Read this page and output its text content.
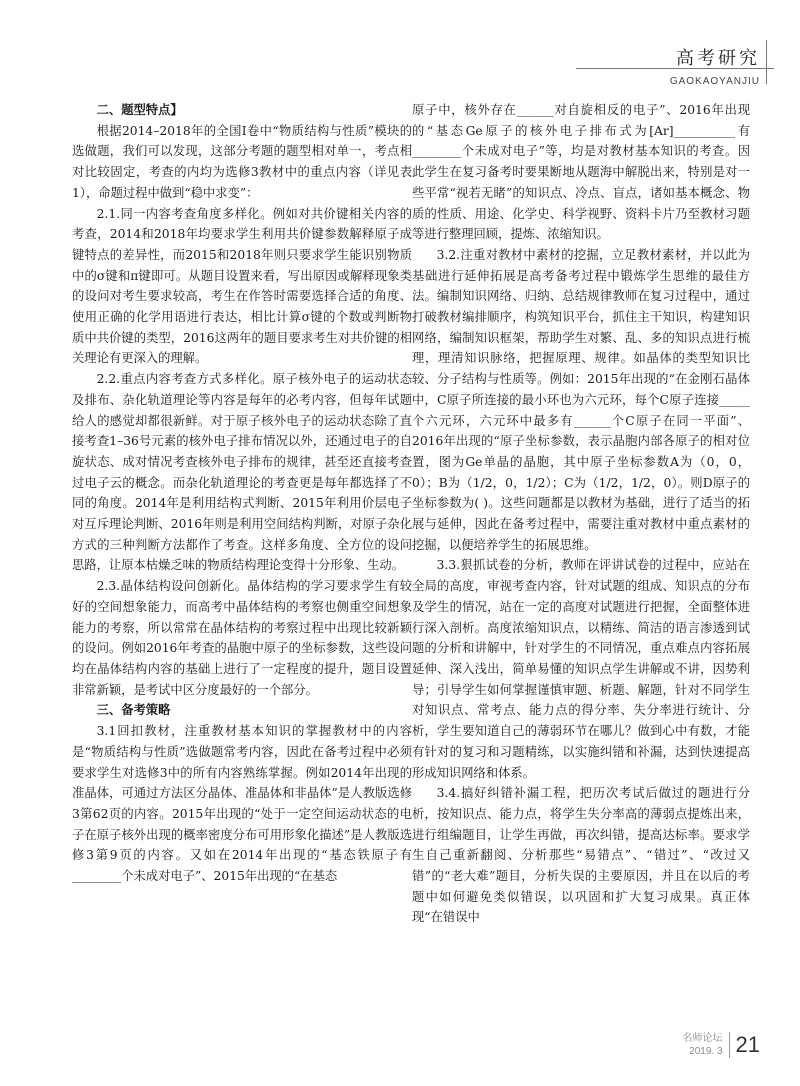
高考研究
GAOKAOYANJIU
二、题型特点】

根据2014–2018年的全国Ⅰ卷中“物质结构与性质”模块的选做题，我们可以发现，这部分考题的题型相对单一，考点相对比较固定，考查的内均为选修3教材中的重点内容（详见表1），命题过程中做到“稳中求变”：

2.1.同一内容考查角度多样化。例如对共价键相关内容的考查，2014和2018年均要求学生利用共价键参数解释原子成键特点的差异性，而2015和2018年则只要求学生能识别物质中的σ键和π键即可。从题目设置来看，写出原因或解释现象类的设问对考生要求较高，考生在作答时需要选择合适的角度、使用正确的化学用语进行表达，相比计算σ键的个数或判断物质中共价键的类型，2016这两年的题目要求考生对共价键的相关理论有更深入的理解。

2.2.重点内容考查方式多样化。原子核外电子的运动状态及排布、杂化轨道理论等内容是每年的必考内容，但每年试题给人的感觉却都很新鲜。对于原子核外电子的运动状态除了直接考查1–36号元素的核外电子排布情况以外，还通过电子的自旋状态、成对情况考查核外电子排布的规律，甚至还直接考查过电子云的概念。而杂化轨道理论的考查更是每年都选择了不同的角度。2014年是利用结构式判断、2015年利用价层电子对互斥理论判断、2016年则是利用空间结构判断，对原子杂化方式的三种判断方法都作了考查。这样多角度、全方位的设问思路，让原本枯燥乏味的物质结构理论变得十分形象、生动。

2.3.晶体结构设问创新化。晶体结构的学习要求学生有较好的空间想象能力，而高考中晶体结构的考察也侧重空间想象能力的考察，所以常常在晶体结构的考察过程中出现比较新颖的设问。例如2016年考查的晶胞中原子的坐标参数，这些设问均在晶体结构内容的基础上进行了一定程度的提升，题目设置非常新颖，是考试中区分度最好的一个部分。

三、备考策略

3.1回扣教材，注重教材基本知识的掌握教材中的内容是“物质结构与性质”选做题常考内容，因此在备考过程中必须要求学生对选修3中的所有内容熟练掌握。例如2014年出现的准晶体，可通过方法区分晶体、准晶体和非晶体”是人教版选修3第62页的内容。2015年出现的“处于一定空间运动状态的电子在原子核外出现的概率密度分布可用形象化描述”是人教版选修3第9页的内容。又如在2014年出现的“基态铁原子有________个未成对电子”、2015年出现的“在基态

原子中，核外存在______对自旋相反的电子”、2016年出现的“基态Ge原子的核外电子排布式为[Ar]__________有________个未成对电子”等，均是对教材基本知识的考查。因此学生在复习备考时要果断地从题海中解脱出来，特别是对一些平常“视若无睹”的知识点、冷点、盲点，诸如基本概念、物质的性质、用途、化学史、科学视野、资料卡片乃至教材习题等进行整理回顾，提炼、浓缩知识。

3.2.注重对教材中素材的挖掘，立足教材素材，并以此为基础进行延伸拓展是高考备考过程中锻炼学生思维的最佳方法。编制知识网络、归纳、总结规律教师在复习过程中，通过打破教材编排顺序，构筑知识平台，抓住主干知识，构建知识网络，编制知识框架，帮助学生对繁、乱、多的知识点进行梳理，理清知识脉络，把握原理、规律。如晶体的类型知识比较、分子结构与性质等。例如：2015年出现的“在金刚石晶体中，C原子所连接的最小环也为六元环，每个C原子连接_____个六元环，六元环中最多有______个C原子在同一平面”、2016年出现的“原子坐标参数，表示晶胞内部各原子的相对位置，图为Ge单晶的晶胞，其中原子坐标参数A为（0，0，0）；B为（1/2，0，1/2）；C为（1/2，1/2，0）。则D原子的坐标参数为( )。这些问题都是以教材为基础，进行了适当的拓展与延伸，因此在备考过程中，需要注重对教材中重点素材的挖掘，以便培养学生的拓展思维。

3.3.狠抓试卷的分析，教师在评讲试卷的过程中，应站在全局的高度，审视考查内容，针对试题的组成、知识点的分布及学生的情况，站在一定的高度对试题进行把握，全面整体进行深入剖析。高度浓缩知识点，以精练、简洁的语言渗透到试题的分析和讲解中，针对学生的不同情况，重点难点内容拓展延伸、深入浅出，简单易懂的知识点学生讲解或不讲，因势利导；引导学生如何掌握谨慎审题、析题、解题，针对不同学生对知识点、常考点、能力点的得分率、失分率进行统计、分析，学生要知道自己的薄弱环节在哪儿？做到心中有数，才能有针对的复习和习题精练，以实施纠错和补漏，达到快速提高形成知识网络和体系。

3.4.搞好纠错补漏工程，把历次考试后做过的题进行分析，按知识点、能力点，将学生失分率高的薄弱点提炼出来，进行组编题目，让学生再做，再次纠错，提高达标率。要求学生自己重新翻阅、分析那些“易错点”、“错过”、“改过又错”的“老大难”题目，分析失误的主要原因，并且在以后的考题中如何避免类似错误，以巩固和扩大复习成果。真正体现“在错误中

名师论坛
2019. 3 21
